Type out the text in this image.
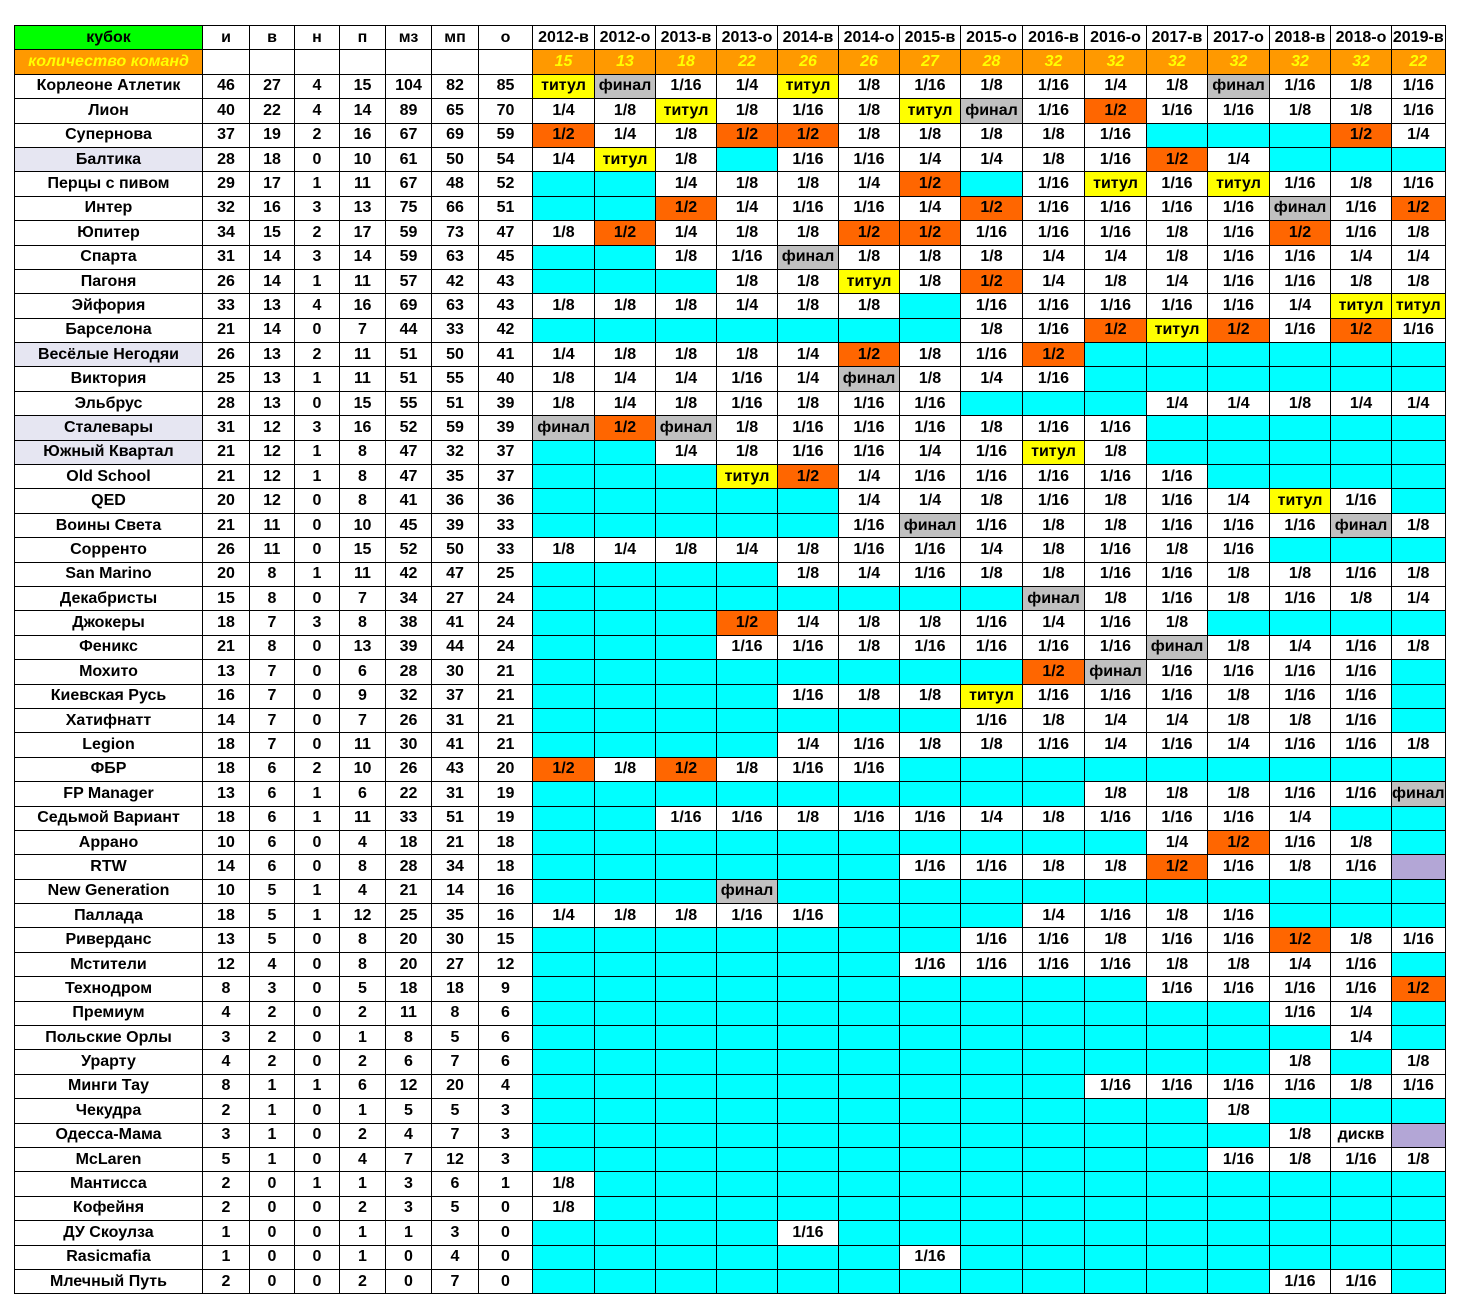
кубок	и	в	н	п	мз	мп	о	2012-в	2012-о	2013-в	2013-о	2014-в	2014-о	2015-в	2015-о	2016-в	2016-о	2017-в	2017-о	2018-в	2018-о	2019-в
количество команд								15	13	18	22	26	26	27	28	32	32	32	32	32	32	22
Корлеоне Атлетик	46	27	4	15	104	82	85	титул	финал	1/16	1/4	титул	1/8	1/16	1/8	1/16	1/4	1/8	финал	1/16	1/8	1/16
Лион	40	22	4	14	89	65	70	1/4	1/8	титул	1/8	1/16	1/8	титул	финал	1/16	1/2	1/16	1/16	1/8	1/8	1/16
Супернова	37	19	2	16	67	69	59	1/2	1/4	1/8	1/2	1/2	1/8	1/8	1/8	1/8	1/16				1/2	1/4
Балтика	28	18	0	10	61	50	54	1/4	титул	1/8		1/16	1/16	1/4	1/4	1/8	1/16	1/2	1/4			
Перцы с пивом	29	17	1	11	67	48	52			1/4	1/8	1/8	1/4	1/2		1/16	титул	1/16	титул	1/16	1/8	1/16
Интер	32	16	3	13	75	66	51			1/2	1/4	1/16	1/16	1/4	1/2	1/16	1/16	1/16	1/16	финал	1/16	1/2
Юпитер	34	15	2	17	59	73	47	1/8	1/2	1/4	1/8	1/8	1/2	1/2	1/16	1/16	1/16	1/8	1/16	1/2	1/16	1/8
Спарта	31	14	3	14	59	63	45			1/8	1/16	финал	1/8	1/8	1/8	1/4	1/4	1/8	1/16	1/16	1/4	1/4
Пагоня	26	14	1	11	57	42	43				1/8	1/8	титул	1/8	1/2	1/4	1/8	1/4	1/16	1/16	1/8	1/8
Эйфория	33	13	4	16	69	63	43	1/8	1/8	1/8	1/4	1/8	1/8		1/16	1/16	1/16	1/16	1/16	1/4	титул	титул
Барселона	21	14	0	7	44	33	42								1/8	1/16	1/2	титул	1/2	1/16	1/2	1/16
Весёлые Негодяи	26	13	2	11	51	50	41	1/4	1/8	1/8	1/8	1/4	1/2	1/8	1/16	1/2						
Виктория	25	13	1	11	51	55	40	1/8	1/4	1/4	1/16	1/4	финал	1/8	1/4	1/16						
Эльбрус	28	13	0	15	55	51	39	1/8	1/4	1/8	1/16	1/8	1/16	1/16				1/4	1/4	1/8	1/4	1/4
Сталевары	31	12	3	16	52	59	39	финал	1/2	финал	1/8	1/16	1/16	1/16	1/8	1/16	1/16					
Южный Квартал	21	12	1	8	47	32	37			1/4	1/8	1/16	1/16	1/4	1/16	титул	1/8					
Old School	21	12	1	8	47	35	37				титул	1/2	1/4	1/16	1/16	1/16	1/16	1/16				
QED	20	12	0	8	41	36	36						1/4	1/4	1/8	1/16	1/8	1/16	1/4	титул	1/16	
Воины Света	21	11	0	10	45	39	33						1/16	финал	1/16	1/8	1/8	1/16	1/16	1/16	финал	1/8
Сорренто	26	11	0	15	52	50	33	1/8	1/4	1/8	1/4	1/8	1/16	1/16	1/4	1/8	1/16	1/8	1/16			
San Marino	20	8	1	11	42	47	25					1/8	1/4	1/16	1/8	1/8	1/16	1/16	1/8	1/8	1/16	1/8
Декабристы	15	8	0	7	34	27	24									финал	1/8	1/16	1/8	1/16	1/8	1/4
Джокеры	18	7	3	8	38	41	24				1/2	1/4	1/8	1/8	1/16	1/4	1/16	1/8				
Феникс	21	8	0	13	39	44	24				1/16	1/16	1/8	1/16	1/16	1/16	1/16	финал	1/8	1/4	1/16	1/8
Мохито	13	7	0	6	28	30	21									1/2	финал	1/16	1/16	1/16	1/16	
Киевская Русь	16	7	0	9	32	37	21					1/16	1/8	1/8	титул	1/16	1/16	1/16	1/8	1/16	1/16	
Хатифнатт	14	7	0	7	26	31	21								1/16	1/8	1/4	1/4	1/8	1/8	1/16	
Legion	18	7	0	11	30	41	21					1/4	1/16	1/8	1/8	1/16	1/4	1/16	1/4	1/16	1/16	1/8
ФБР	18	6	2	10	26	43	20	1/2	1/8	1/2	1/8	1/16	1/16									
FP Manager	13	6	1	6	22	31	19										1/8	1/8	1/8	1/16	1/16	финал
Седьмой Вариант	18	6	1	11	33	51	19			1/16	1/16	1/8	1/16	1/16	1/4	1/8	1/16	1/16	1/16	1/4		
Аррано	10	6	0	4	18	21	18											1/4	1/2	1/16	1/8	
RTW	14	6	0	8	28	34	18							1/16	1/16	1/8	1/8	1/2	1/16	1/8	1/16	
New Generation	10	5	1	4	21	14	16				финал											
Паллада	18	5	1	12	25	35	16	1/4	1/8	1/8	1/16	1/16				1/4	1/16	1/8	1/16			
Риверданс	13	5	0	8	20	30	15								1/16	1/16	1/8	1/16	1/16	1/2	1/8	1/16
Мстители	12	4	0	8	20	27	12							1/16	1/16	1/16	1/16	1/8	1/8	1/4	1/16	
Технодром	8	3	0	5	18	18	9											1/16	1/16	1/16	1/16	1/2
Премиум	4	2	0	2	11	8	6													1/16	1/4	
Польские Орлы	3	2	0	1	8	5	6														1/4	
Урарту	4	2	0	2	6	7	6													1/8		1/8
Минги Тау	8	1	1	6	12	20	4										1/16	1/16	1/16	1/16	1/8	1/16
Чекудра	2	1	0	1	5	5	3												1/8			
Одесса-Мама	3	1	0	2	4	7	3													1/8	дискв	
McLaren	5	1	0	4	7	12	3												1/16	1/8	1/16	1/8
Мантисса	2	0	1	1	3	6	1	1/8														
Кофейня	2	0	0	2	3	5	0	1/8														
ДУ Скоулза	1	0	0	1	1	3	0					1/16										
Rasicmafia	1	0	0	1	0	4	0							1/16								
Млечный Путь	2	0	0	2	0	7	0													1/16	1/16	
